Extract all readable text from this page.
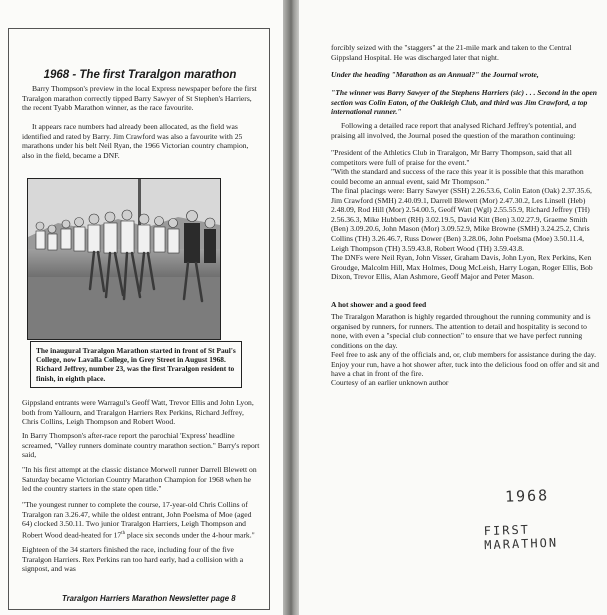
1968 - The first Traralgon marathon

Barry Thompson's preview in the local Express newspaper before the first Traralgon marathon correctly tipped Barry Sawyer of St Stephen's Harriers, the recent Tyabb Marathon winner, as the race favourite.

It appears race numbers had already been allocated, as the field was identified and rated by Barry. Jim Crawford was also a favourite with 25 marathons under his belt Neil Ryan, the 1966 Victorian country champion, also in the field, became a DNF.

The inaugural Traralgon Marathon started in front of St Paul's College, now Lavalla College, in Grey Street in August 1968. Richard Jeffrey, number 23, was the first Traralgon resident to finish, in eighth place.

Gippsland entrants were Warragul's Geoff Watt, Trevor Ellis and John Lyon, both from Yallourn, and Traralgon Harriers Rex Perkins, Richard Jeffrey, Chris Collins, Leigh Thompson and Robert Wood.

In Barry Thompson's after-race report the parochial 'Express' headline screamed, "Valley runners dominate country marathon section." Barry's report said,

"In his first attempt at the classic distance Morwell runner Darrell Blewett on Saturday became Victorian Country Marathon Champion for 1968 when he led the country starters in the state open title."

"The youngest runner to complete the course, 17-year-old Chris Collins of Traralgon ran 3.26.47, while the oldest entrant, John Poelsma of Moe (aged 64) clocked 3.50.11. Two junior Traralgon Harriers, Leigh Thompson and Robert Wood dead-heated for 17th place six seconds under the 4-hour mark."

Eighteen of the 34 starters finished the race, including four of the five Traralgon Harriers. Rex Perkins ran too hard early, had a collision with a signpost, and was

Traralgon Harriers Marathon Newsletter page 8

forcibly seized with the "staggers" at the 21-mile mark and taken to the Central Gippsland Hospital. He was discharged later that night.

Under the heading "Marathon as an Annual?" the Journal wrote,

"The winner was Barry Sawyer of the Stephens Harriers (sic) . . . Second in the open section was Colin Eaton, of the Oakleigh Club, and third was Jim Crawford, a top international runner."

Following a detailed race report that analysed Richard Jeffrey's potential, and praising all involved, the Journal posed the question of the marathon continuing:

"President of the Athletics Club in Traralgon, Mr Barry Thompson, said that all competitors were full of praise for the event."

"With the standard and success of the race this year it is possible that this marathon could become an annual event, said Mr Thompson."

The final placings were: Barry Sawyer (SSH) 2.26.53.6, Colin Eaton (Oak) 2.37.35.6, Jim Crawford (SMH) 2.40.09.1, Darrell Blewett (Mor) 2.47.30.2, Les Linsell (Heb) 2.48.09, Rod Hill (Mor) 2.54.00.5, Geoff Watt (Wgl) 2.55.55.9, Richard Jeffrey (TH) 2.56.36.3, Mike Hubbert (RH) 3.02.19.5, David Kitt (Ben) 3.02.27.9, Graeme Smith (Ben) 3.09.20.6, John Mason (Mor) 3.09.52.9, Mike Browne (SMH) 3.24.25.2, Chris Collins (TH) 3.26.46.7, Russ Dower (Ben) 3.28.06, John Poelsma (Moe) 3.50.11.4, Leigh Thompson (TH) 3.59.43.8, Robert Wood (TH) 3.59.43.8.

The DNFs were Neil Ryan, John Visser, Graham Davis, John Lyon, Rex Perkins, Ken Groudge, Malcolm Hill, Max Holmes, Doug McLeish, Harry Logan, Roger Ellis, Bob Dixon, Trevor Ellis, Alan Ashmore, Geoff Major and Peter Mason.

A hot shower and a good feed

The Traralgon Marathon is highly regarded throughout the running community and is organised by runners, for runners. The attention to detail and hospitality is second to none, with even a "special club connection" to ensure that we have perfect running conditions on the day.

Feel free to ask any of the officials and, or, club members for assistance during the day. Enjoy your run, have a hot shower after, tuck into the delicious food on offer and sit and have a chat in front of the fire.

Courtesy of an earlier unknown author

1968
FIRST MARATHON
